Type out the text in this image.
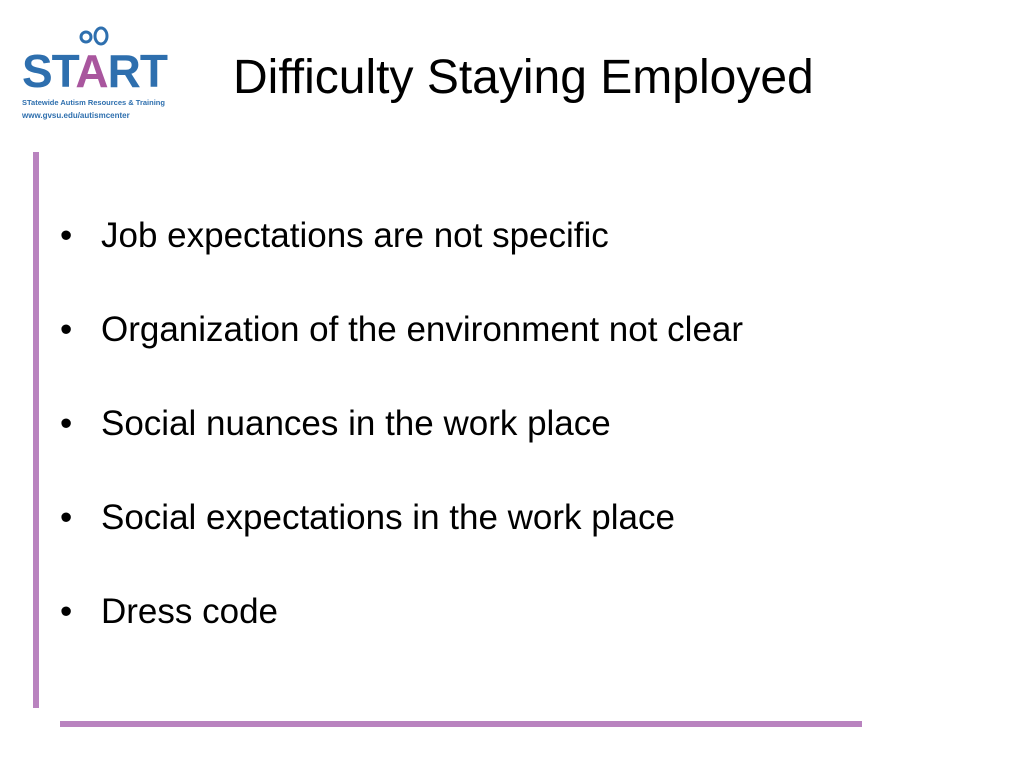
START
STatewide Autism Resources & Training
www.gvsu.edu/autismcenter
Difficulty Staying Employed
• Job expectations are not specific
• Organization of the environment not clear
• Social nuances in the work place
• Social expectations in the work place
• Dress code
